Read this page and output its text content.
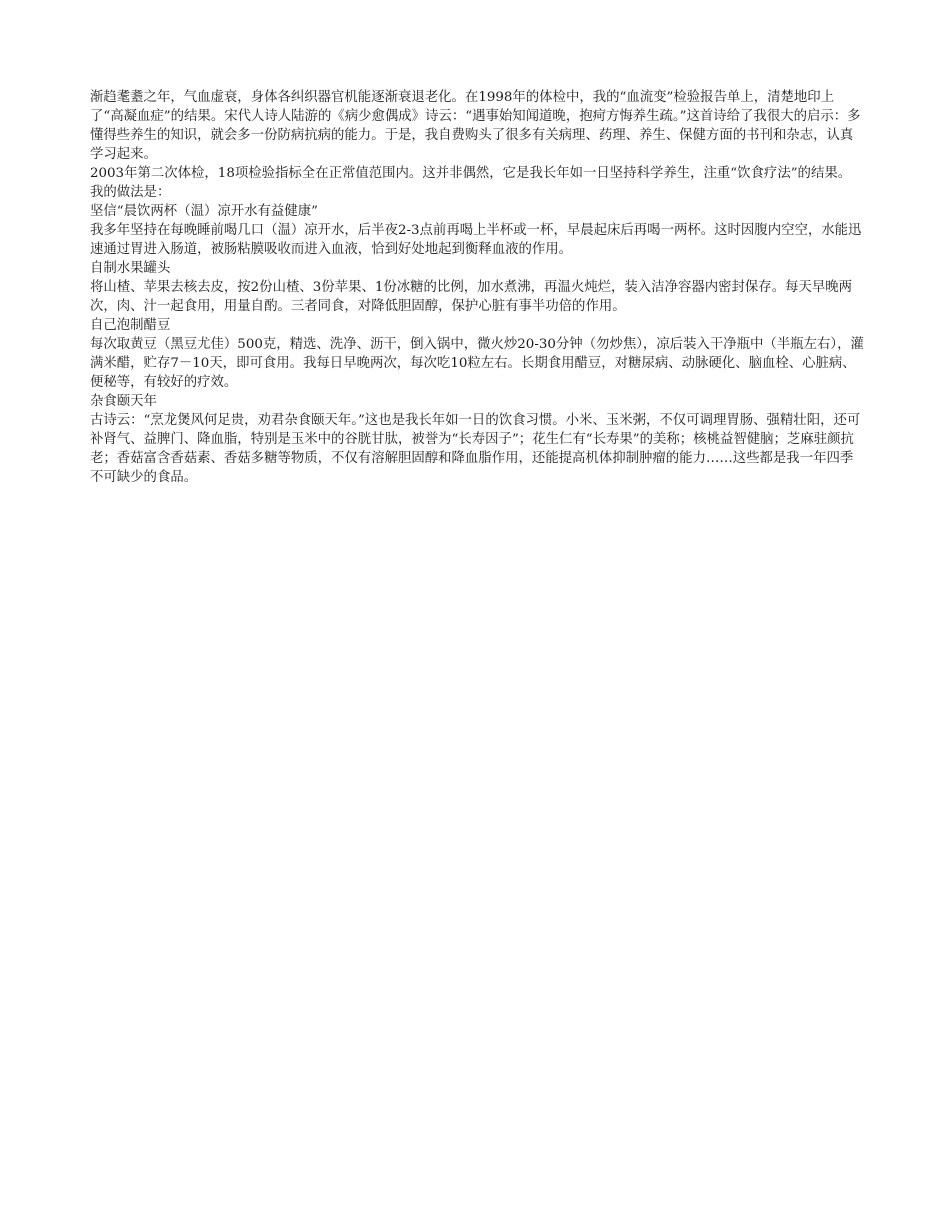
渐趋耄耋之年，气血虚衰，身体各纠织器官机能逐渐衰退老化。在1998年的体检中，我的“血流变”检验报告单上，清楚地印上了“高凝血症”的结果。宋代人诗人陆游的《病少愈偶成》诗云：“遇事始知闻道晚，抱疴方悔养生疏。”这首诗给了我很大的启示：多懂得些养生的知识，就会多一份防病抗病的能力。于是，我自费购头了很多有关病理、药理、养生、保健方面的书刊和杂志，认真学习起来。

2003年第二次体检，18项检验指标全在正常值范围内。这并非偶然，它是我长年如一日坚持科学养生，注重“饮食疗法”的结果。

我的做法是：

坚信“晨饮两杯（温）凉开水有益健康”

我多年坚持在每晚睡前喝几口（温）凉开水，后半夜2-3点前再喝上半杯或一杯，早晨起床后再喝一两杯。这时因腹内空空，水能迅速通过胃进入肠道，被肠粘膜吸收而进入血液，恰到好处地起到衡释血液的作用。

自制水果罐头

将山楂、苹果去核去皮，按2份山楂、3份苹果、1份冰糖的比例，加水煮沸，再温火炖烂，装入洁净容器内密封保存。每天早晚两次，肉、汁一起食用，用量自酌。三者同食，对降低胆固醇，保护心脏有事半功倍的作用。

自己泡制醋豆

每次取黄豆（黑豆尤佳）500克，精选、洗净、沥干，倒入锅中，微火炒20-30分钟（勿炒焦），凉后装入干净瓶中（半瓶左右），灌满米醋，贮存7－10天，即可食用。我每日早晚两次，每次吃10粒左右。长期食用醋豆，对糖尿病、动脉硬化、脑血栓、心脏病、便秘等，有较好的疗效。

杂食颐天年

古诗云：“烹龙煲风何足贵，劝君杂食颐天年。”这也是我长年如一日的饮食习惯。小米、玉米粥，不仅可调理胃肠、强精壮阳，还可补肾气、益脾门、降血脂，特别是玉米中的谷胱甘肽，被誉为“长寿因子”；花生仁有“长寿果”的美称；核桃益智健脑；芝麻驻颜抗老；香菇富含香菇素、香菇多糖等物质，不仅有溶解胆固醇和降血脂作用，还能提高机体抑制肿瘤的能力……这些都是我一年四季不可缺少的食品。
